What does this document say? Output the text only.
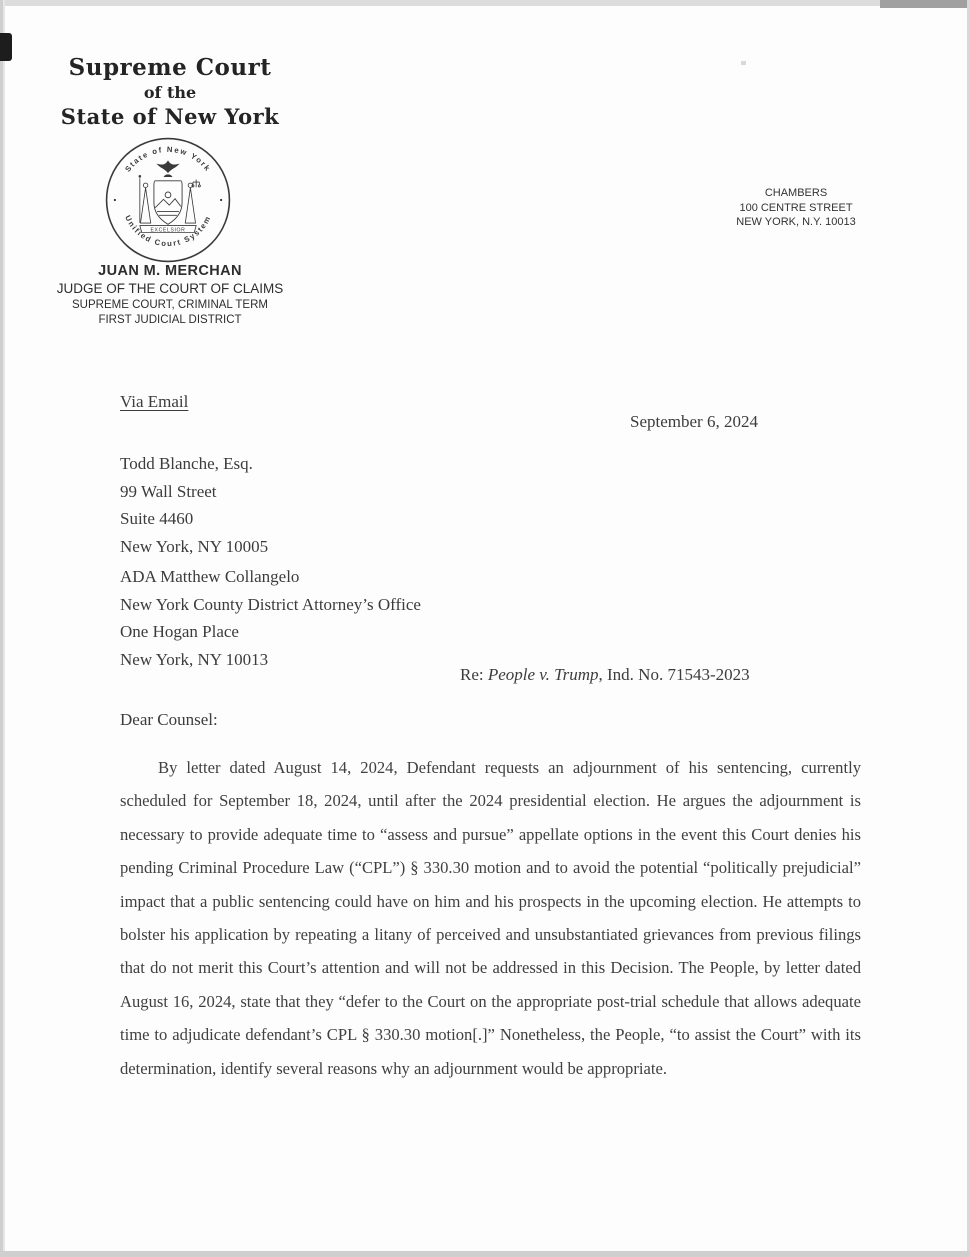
Supreme Court
of the
State of New York
State of New York
Unified Court System
EXCELSIOR
JUAN M. MERCHAN
JUDGE OF THE COURT OF CLAIMS
SUPREME COURT, CRIMINAL TERM
FIRST JUDICIAL DISTRICT
CHAMBERS
100 CENTRE STREET
NEW YORK, N.Y. 10013
Via Email
September 6, 2024
Todd Blanche, Esq.
99 Wall Street
Suite 4460
New York, NY 10005
ADA Matthew Collangelo
New York County District Attorney’s Office
One Hogan Place
New York, NY 10013
Re: People v. Trump, Ind. No. 71543-2023
Dear Counsel:

By letter dated August 14, 2024, Defendant requests an adjournment of his sentencing, currently scheduled for September 18, 2024, until after the 2024 presidential election. He argues the adjournment is necessary to provide adequate time to “assess and pursue” appellate options in the event this Court denies his pending Criminal Procedure Law (“CPL”) § 330.30 motion and to avoid the potential “politically prejudicial” impact that a public sentencing could have on him and his prospects in the upcoming election. He attempts to bolster his application by repeating a litany of perceived and unsubstantiated grievances from previous filings that do not merit this Court’s attention and will not be addressed in this Decision. The People, by letter dated August 16, 2024, state that they “defer to the Court on the appropriate post-trial schedule that allows adequate time to adjudicate defendant’s CPL § 330.30 motion[.]” Nonetheless, the People, “to assist the Court” with its determination, identify several reasons why an adjournment would be appropriate.
